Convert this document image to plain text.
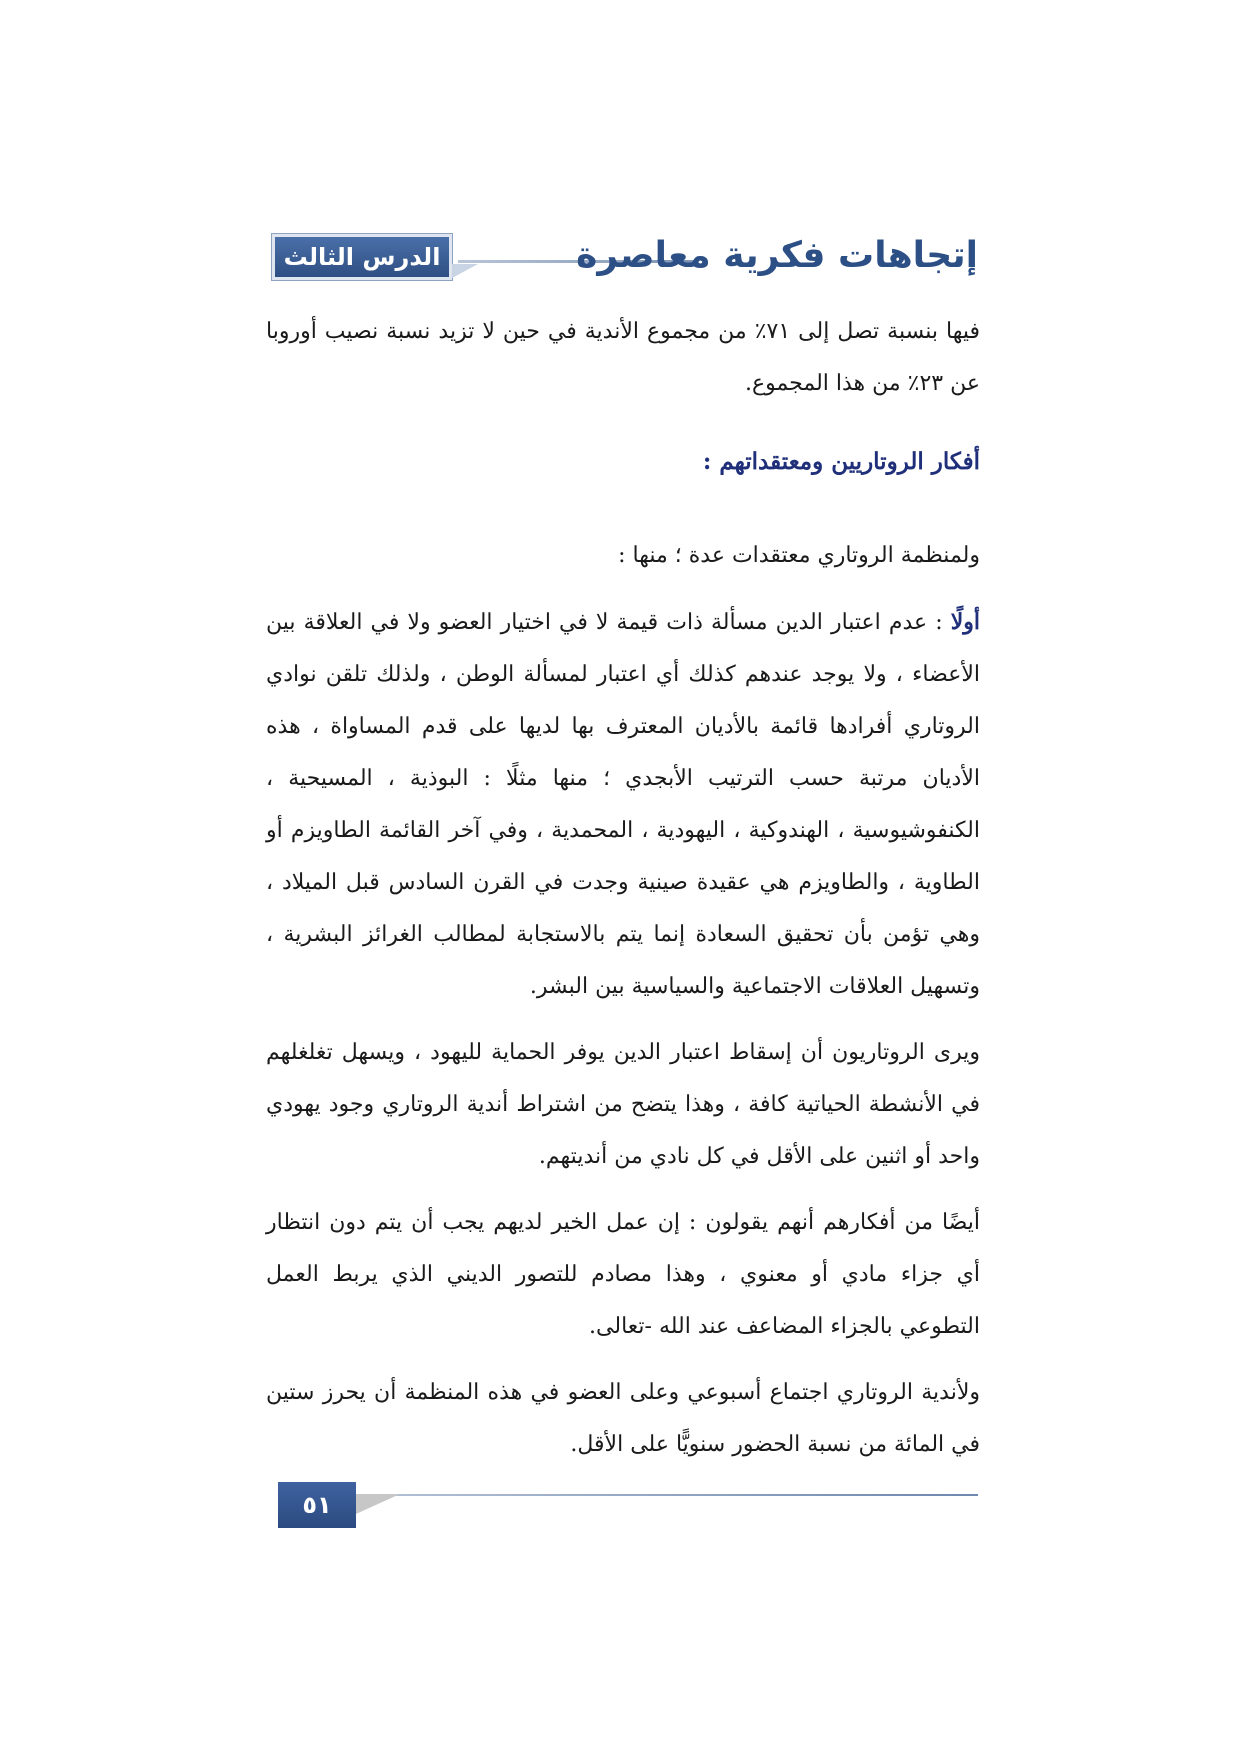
الدرس الثالث	إتجاهات فكرية معاصرة

فيها بنسبة تصل إلى ٧١٪ من مجموع الأندية في حين لا تزيد نسبة نصيب أوروبا عن ٢٣٪ من هذا المجموع.

أفكار الروتاريين ومعتقداتهم :

ولمنظمة الروتاري معتقدات عدة ؛ منها :

أولًا : عدم اعتبار الدين مسألة ذات قيمة لا في اختيار العضو ولا في العلاقة بين الأعضاء ، ولا يوجد عندهم كذلك أي اعتبار لمسألة الوطن ، ولذلك تلقن نوادي الروتاري أفرادها قائمة بالأديان المعترف بها لديها على قدم المساواة ، هذه الأديان مرتبة حسب الترتيب الأبجدي ؛ منها مثلًا : البوذية ، المسيحية ، الكنفوشيوسية ، الهندوكية ، اليهودية ، المحمدية ، وفي آخر القائمة الطاويزم أو الطاوية ، والطاويزم هي عقيدة صينية وجدت في القرن السادس قبل الميلاد ، وهي تؤمن بأن تحقيق السعادة إنما يتم بالاستجابة لمطالب الغرائز البشرية ، وتسهيل العلاقات الاجتماعية والسياسية بين البشر.

ويرى الروتاريون أن إسقاط اعتبار الدين يوفر الحماية لليهود ، ويسهل تغلغلهم في الأنشطة الحياتية كافة ، وهذا يتضح من اشتراط أندية الروتاري وجود يهودي واحد أو اثنين على الأقل في كل نادي من أنديتهم.

أيضًا من أفكارهم أنهم يقولون : إن عمل الخير لديهم يجب أن يتم دون انتظار أي جزاء مادي أو معنوي ، وهذا مصادم للتصور الديني الذي يربط العمل التطوعي بالجزاء المضاعف عند الله -تعالى.

ولأندية الروتاري اجتماع أسبوعي وعلى العضو في هذه المنظمة أن يحرز ستين في المائة من نسبة الحضور سنويًّا على الأقل.

٥١
